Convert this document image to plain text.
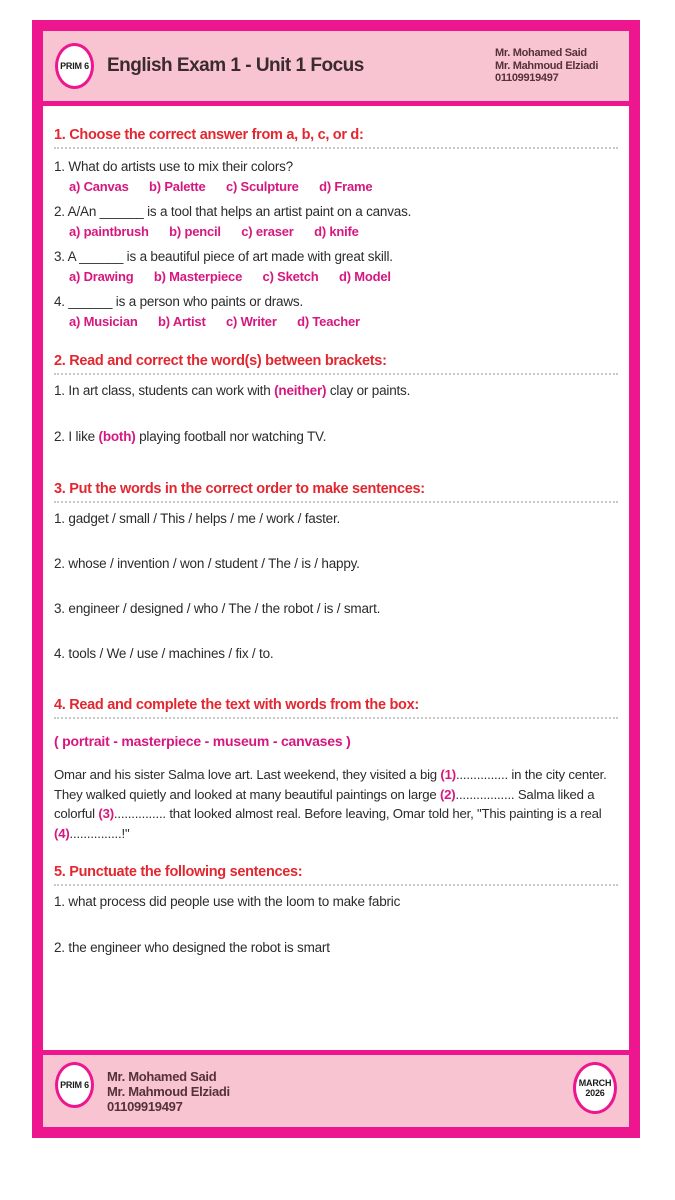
PRIM 6 English Exam 1 - Unit 1 Focus
Mr. Mohamed Said
Mr. Mahmoud Elziadi
01109919497
1. Choose the correct answer from a, b, c, or d:
1. What do artists use to mix their colors?
a) Canvas b) Palette c) Sculpture d) Frame
2. A/An ______ is a tool that helps an artist paint on a canvas.
a) paintbrush b) pencil c) eraser d) knife
3. A ______ is a beautiful piece of art made with great skill.
a) Drawing b) Masterpiece c) Sketch d) Model
4. ______ is a person who paints or draws.
a) Musician b) Artist c) Writer d) Teacher
2. Read and correct the word(s) between brackets:
1. In art class, students can work with (neither) clay or paints.
2. I like (both) playing football nor watching TV.
3. Put the words in the correct order to make sentences:
1. gadget / small / This / helps / me / work / faster.
2. whose / invention / won / student / The / is / happy.
3. engineer / designed / who / The / the robot / is / smart.
4. tools / We / use / machines / fix / to.
4. Read and complete the text with words from the box:
( portrait - masterpiece - museum - canvases )
Omar and his sister Salma love art. Last weekend, they visited a big (1)............... in the city center. They walked quietly and looked at many beautiful paintings on large (2)................. Salma liked a colorful (3)............... that looked almost real. Before leaving, Omar told her, "This painting is a real (4)...............!"
5. Punctuate the following sentences:
1. what process did people use with the loom to make fabric
2. the engineer who designed the robot is smart
PRIM 6
Mr. Mohamed Said
Mr. Mahmoud Elziadi
01109919497
MARCH
2026
